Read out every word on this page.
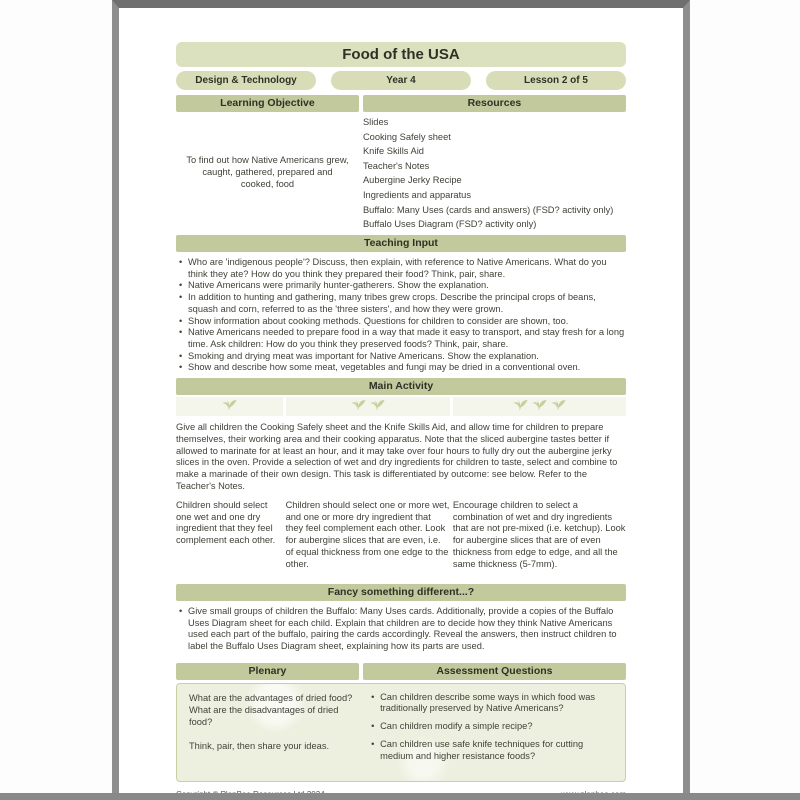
Food of the USA
Design & Technology	Year 4	Lesson 2 of 5
Learning Objective	Resources
To find out how Native Americans grew, caught, gathered, prepared and cooked, food
Slides
Cooking Safely sheet
Knife Skills Aid
Teacher's Notes
Aubergine Jerky Recipe
Ingredients and apparatus
Buffalo: Many Uses (cards and answers) (FSD? activity only)
Buffalo Uses Diagram (FSD? activity only)
Teaching Input
• Who are 'indigenous people'? Discuss, then explain, with reference to Native Americans. What do you think they ate? How do you think they prepared their food? Think, pair, share.
• Native Americans were primarily hunter-gatherers. Show the explanation.
• In addition to hunting and gathering, many tribes grew crops. Describe the principal crops of beans, squash and corn, referred to as the 'three sisters', and how they were grown.
• Show information about cooking methods. Questions for children to consider are shown, too.
• Native Americans needed to prepare food in a way that made it easy to transport, and stay fresh for a long time. Ask children: How do you think they preserved foods? Think, pair, share.
• Smoking and drying meat was important for Native Americans. Show the explanation.
• Show and describe how some meat, vegetables and fungi may be dried in a conventional oven.
Main Activity
Give all children the Cooking Safely sheet and the Knife Skills Aid, and allow time for children to prepare themselves, their working area and their cooking apparatus. Note that the sliced aubergine tastes better if allowed to marinate for at least an hour, and it may take over four hours to fully dry out the aubergine jerky slices in the oven. Provide a selection of wet and dry ingredients for children to taste, select and combine to make a marinade of their own design. This task is differentiated by outcome: see below. Refer to the Teacher's Notes.
Children should select one wet and one dry ingredient that they feel complement each other.
Children should select one or more wet, and one or more dry ingredient that they feel complement each other. Look for aubergine slices that are even, i.e. of equal thickness from one edge to the other.
Encourage children to select a combination of wet and dry ingredients that are not pre-mixed (i.e. ketchup). Look for aubergine slices that are of even thickness from edge to edge, and all the same thickness (5-7mm).
Fancy something different...?
• Give small groups of children the Buffalo: Many Uses cards. Additionally, provide a copies of the Buffalo Uses Diagram sheet for each child. Explain that children are to decide how they think Native Americans used each part of the buffalo, pairing the cards accordingly. Reveal the answers, then instruct children to label the Buffalo Uses Diagram sheet, explaining how its parts are used.
Plenary	Assessment Questions
What are the advantages of dried food?
What are the disadvantages of dried food?
Think, pair, then share your ideas.
• Can children describe some ways in which food was traditionally preserved by Native Americans?
• Can children modify a simple recipe?
• Can children use safe knife techniques for cutting medium and higher resistance foods?
